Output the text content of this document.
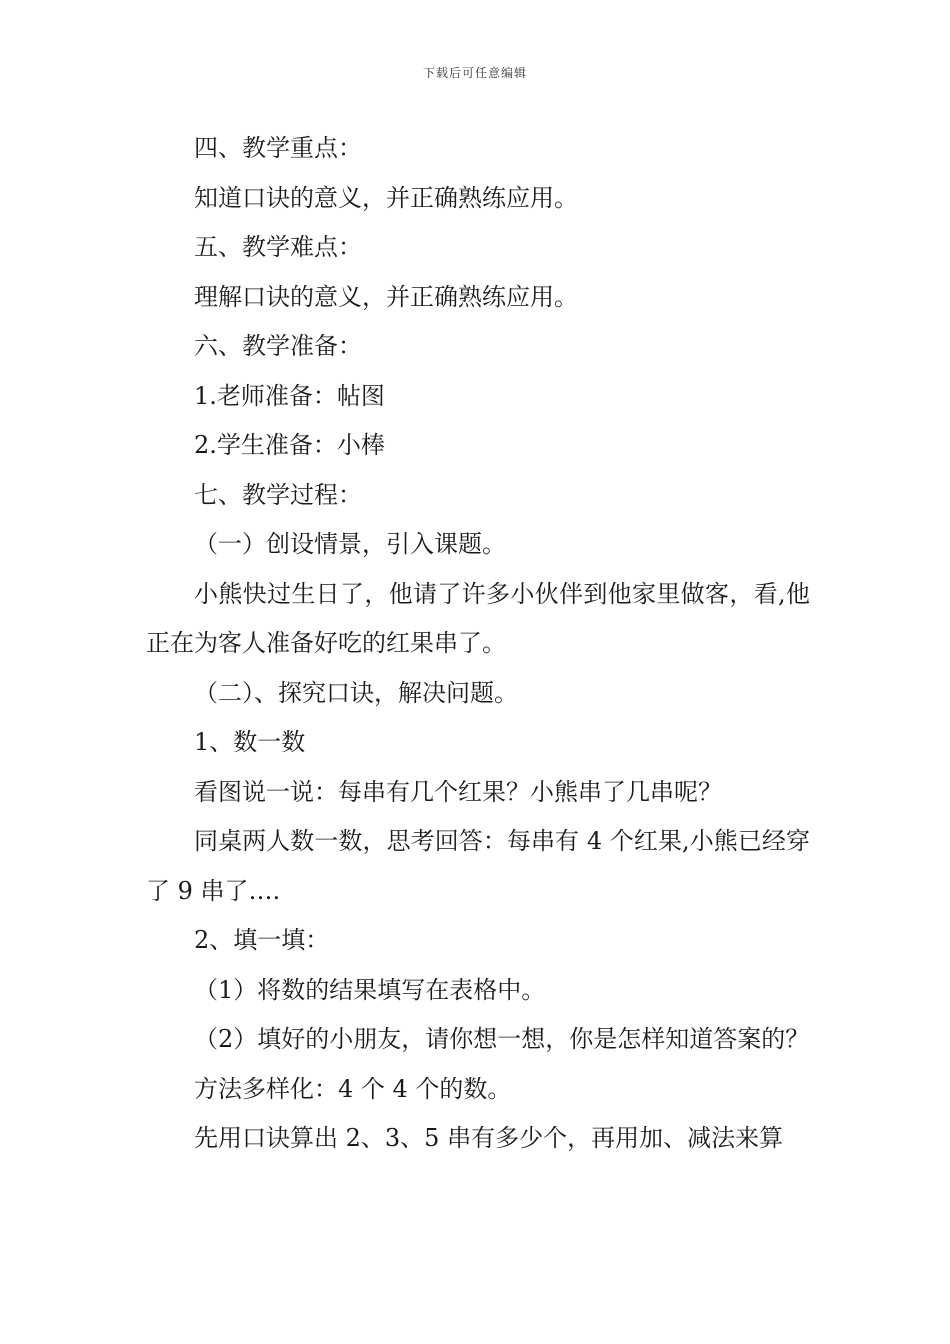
下载后可任意编辑

四、教学重点：

知道口诀的意义，并正确熟练应用。

五、教学难点：

理解口诀的意义，并正确熟练应用。

六、教学准备：

1.老师准备：帖图

2.学生准备：小棒

七、教学过程：

（一）创设情景，引入课题。

小熊快过生日了，他请了许多小伙伴到他家里做客，看,他正在为客人准备好吃的红果串了。

（二）、探究口诀，解决问题。

1、数一数

看图说一说：每串有几个红果？小熊串了几串呢？

同桌两人数一数，思考回答：每串有 4 个红果,小熊已经穿了 9 串了….

2、填一填：

（1）将数的结果填写在表格中。

（2）填好的小朋友，请你想一想，你是怎样知道答案的？

方法多样化：4 个 4 个的数。

先用口诀算出 2、3、5 串有多少个，再用加、减法来算
